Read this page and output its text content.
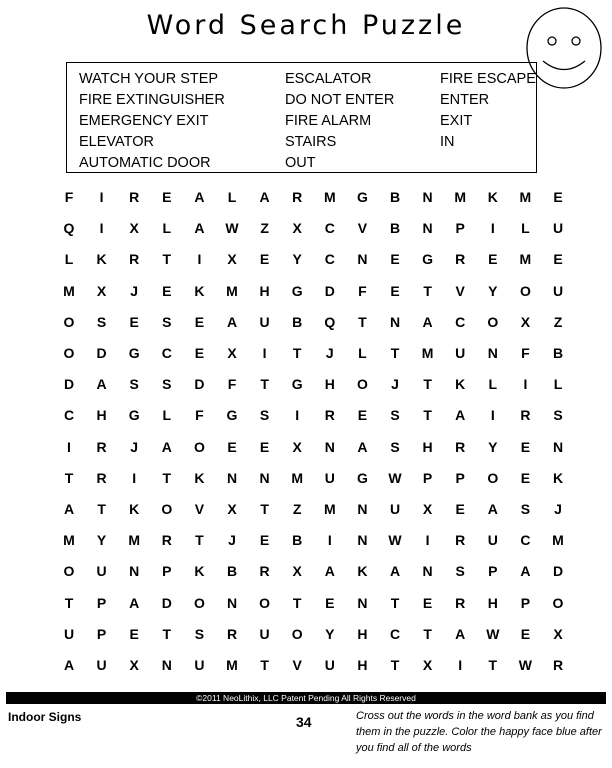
Word Search Puzzle
WATCH YOUR STEP	ESCALATOR	FIRE ESCAPE
FIRE EXTINGUISHER	DO NOT ENTER	ENTER
EMERGENCY EXIT	FIRE ALARM	EXIT
ELEVATOR	STAIRS	IN
AUTOMATIC DOOR	OUT
F	I	R	E	A	L	A	R	M	G	B	N	M	K	M	E
Q	I	X	L	A	W	Z	X	C	V	B	N	P	I	L	U
L	K	R	T	I	X	E	Y	C	N	E	G	R	E	M	E
M	X	J	E	K	M	H	G	D	F	E	T	V	Y	O	U
O	S	E	S	E	A	U	B	Q	T	N	A	C	O	X	Z
O	D	G	C	E	X	I	T	J	L	T	M	U	N	F	B
D	A	S	S	D	F	T	G	H	O	J	T	K	L	I	L
C	H	G	L	F	G	S	I	R	E	S	T	A	I	R	S
I	R	J	A	O	E	E	X	N	A	S	H	R	Y	E	N
T	R	I	T	K	N	N	M	U	G	W	P	P	O	E	K
A	T	K	O	V	X	T	Z	M	N	U	X	E	A	S	J
M	Y	M	R	T	J	E	B	I	N	W	I	R	U	C	M
O	U	N	P	K	B	R	X	A	K	A	N	S	P	A	D
T	P	A	D	O	N	O	T	E	N	T	E	R	H	P	O
U	P	E	T	S	R	U	O	Y	H	C	T	A	W	E	X
A	U	X	N	U	M	T	V	U	H	T	X	I	T	W	R
©2011 NeoLithix, LLC Patent Pending All Rights Reserved
Indoor Signs	34	Cross out the words in the word bank as you find them in the puzzle. Color the happy face blue after you find all of the words
